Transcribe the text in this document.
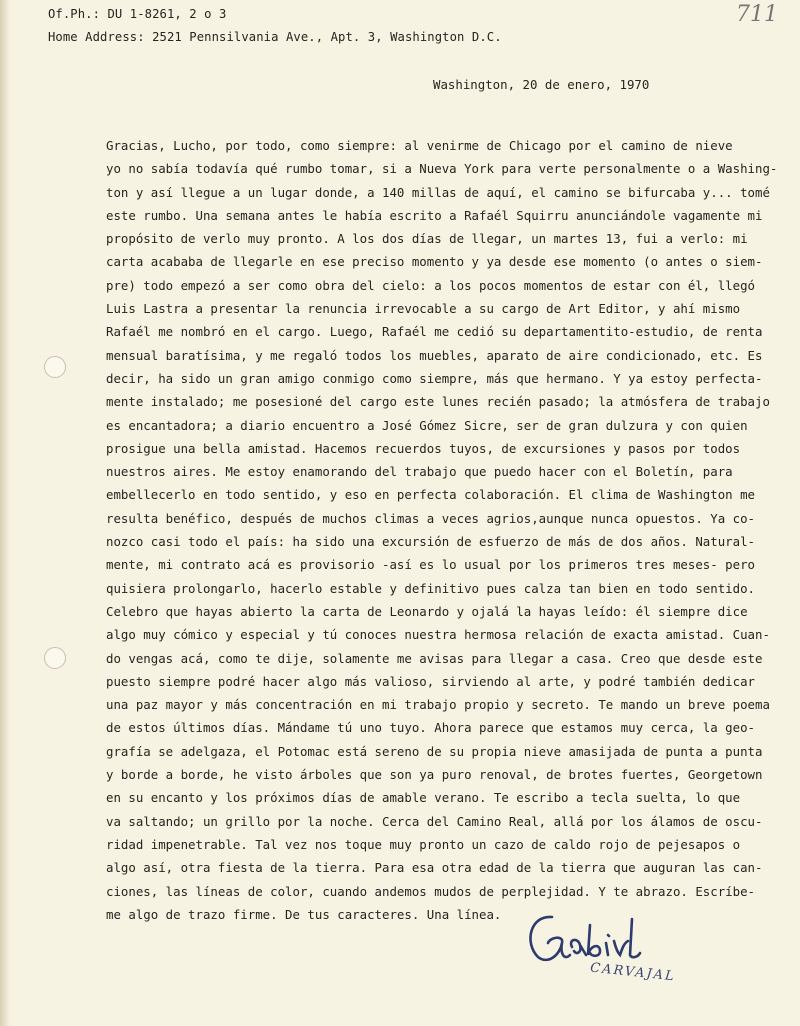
Of.Ph.: DU 1-8261, 2 o 3
Home Address: 2521 Pennsilvania Ave., Apt. 3, Washington D.C.
711
Washington, 20 de enero, 1970
Gracias, Lucho, por todo, como siempre: al venirme de Chicago por el camino de nieve
yo no sabía todavía qué rumbo tomar, si a Nueva York para verte personalmente o a Washing-
ton y así llegue a un lugar donde, a 140 millas de aquí, el camino se bifurcaba y... tomé
este rumbo. Una semana antes le había escrito a Rafaél Squirru anunciándole vagamente mi
propósito de verlo muy pronto. A los dos días de llegar, un martes 13, fui a verlo: mi
carta acababa de llegarle en ese preciso momento y ya desde ese momento (o antes o siem-
pre) todo empezó a ser como obra del cielo: a los pocos momentos de estar con él, llegó
Luis Lastra a presentar la renuncia irrevocable a su cargo de Art Editor, y ahí mismo
Rafaél me nombró en el cargo. Luego, Rafaél me cedió su departamentito-estudio, de renta
mensual baratísima, y me regaló todos los muebles, aparato de aire condicionado, etc. Es
decir, ha sido un gran amigo conmigo como siempre, más que hermano. Y ya estoy perfecta-
mente instalado; me posesioné del cargo este lunes recién pasado; la atmósfera de trabajo
es encantadora; a diario encuentro a José Gómez Sicre, ser de gran dulzura y con quien
prosigue una bella amistad. Hacemos recuerdos tuyos, de excursiones y pasos por todos
nuestros aires. Me estoy enamorando del trabajo que puedo hacer con el Boletín, para
embellecerlo en todo sentido, y eso en perfecta colaboración. El clima de Washington me
resulta benéfico, después de muchos climas a veces agrios,aunque nunca opuestos. Ya co-
nozco casi todo el país: ha sido una excursión de esfuerzo de más de dos años. Natural-
mente, mi contrato acá es provisorio -así es lo usual por los primeros tres meses- pero
quisiera prolongarlo, hacerlo estable y definitivo pues calza tan bien en todo sentido.
Celebro que hayas abierto la carta de Leonardo y ojalá la hayas leído: él siempre dice
algo muy cómico y especial y tú conoces nuestra hermosa relación de exacta amistad. Cuan-
do vengas acá, como te dije, solamente me avisas para llegar a casa. Creo que desde este
puesto siempre podré hacer algo más valioso, sirviendo al arte, y podré también dedicar
una paz mayor y más concentración en mi trabajo propio y secreto. Te mando un breve poema
de estos últimos días. Mándame tú uno tuyo. Ahora parece que estamos muy cerca, la geo-
grafía se adelgaza, el Potomac está sereno de su propia nieve amasijada de punta a punta
y borde a borde, he visto árboles que son ya puro renoval, de brotes fuertes, Georgetown
en su encanto y los próximos días de amable verano. Te escribo a tecla suelta, lo que
va saltando; un grillo por la noche. Cerca del Camino Real, allá por los álamos de oscu-
ridad impenetrable. Tal vez nos toque muy pronto un cazo de caldo rojo de pejesapos o
algo así, otra fiesta de la tierra. Para esa otra edad de la tierra que auguran las can-
ciones, las líneas de color, cuando andemos mudos de perplejidad. Y te abrazo. Escríbe-
me algo de trazo firme. De tus caracteres. Una línea.
CARVAJAL
